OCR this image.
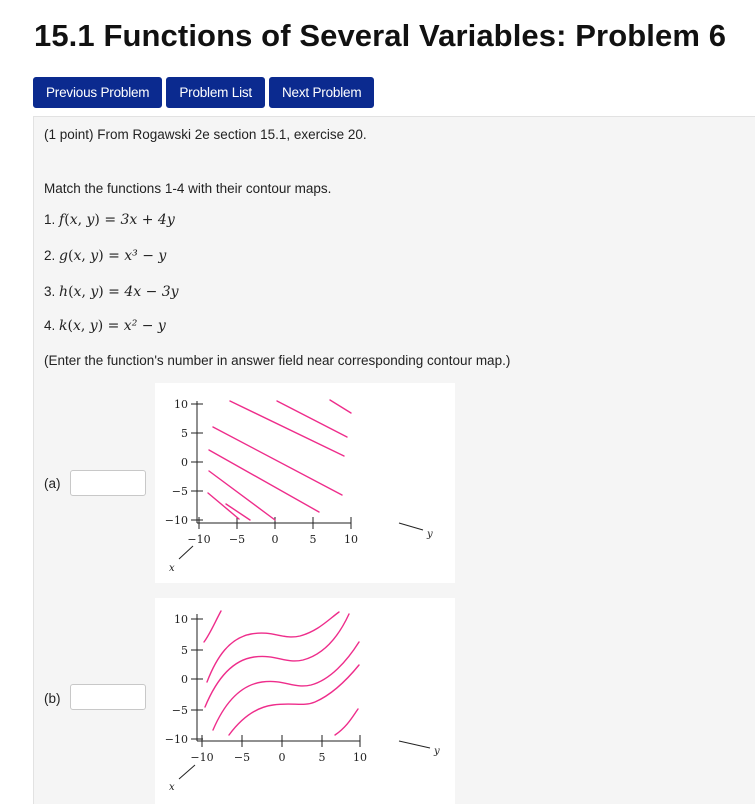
15.1 Functions of Several Variables: Problem 6
Previous Problem	Problem List	Next Problem
(1 point) From Rogawski 2e section 15.1, exercise 20.
Match the functions 1-4 with their contour maps.
1. f(x, y) = 3x + 4y
2. g(x, y) = x³ − y
3. h(x, y) = 4x − 3y
4. k(x, y) = x² − y
(Enter the function's number in answer field near corresponding contour map.)
(a)
10
5
0
−5
−10
−10 −5 0	5	10	y
x
(b)
10
5
0
−5
−10
−10 −5	0	5	10	y
x
